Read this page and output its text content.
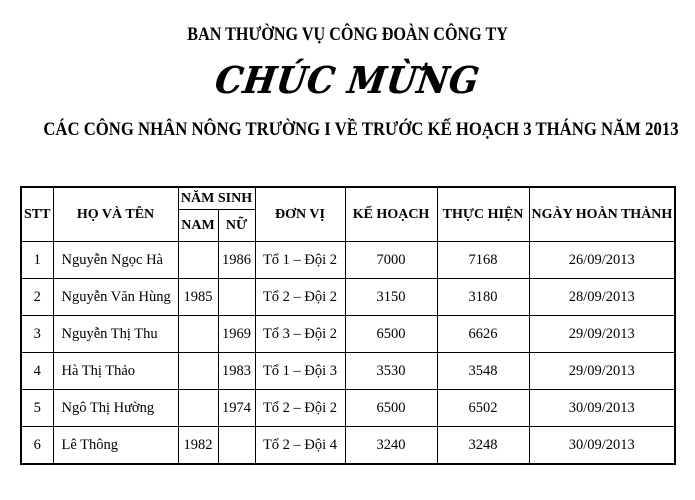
BAN THƯỜNG VỤ CÔNG ĐOÀN CÔNG TY
CHÚC MỪNG
CÁC CÔNG NHÂN NÔNG TRƯỜNG I VỀ TRƯỚC KẾ HOẠCH 3 THÁNG NĂM 2013
STT	HỌ VÀ TÊN	NĂM SINH		ĐƠN VỊ	KẾ HOẠCH	THỰC HIỆN	NGÀY HOÀN THÀNH
		NAM	NỮ				
1	Nguyễn Ngọc Hà		1986	Tổ 1 – Đội 2	7000	7168	26/09/2013
2	Nguyễn Văn Hùng	1985		Tổ 2 – Đội 2	3150	3180	28/09/2013
3	Nguyễn Thị Thu		1969	Tổ 3 – Đội 2	6500	6626	29/09/2013
4	Hà Thị Thảo		1983	Tổ 1 – Đội 3	3530	3548	29/09/2013
5	Ngô Thị Hường		1974	Tổ 2 – Đội 2	6500	6502	30/09/2013
6	Lê Thông	1982		Tổ 2 – Đội 4	3240	3248	30/09/2013
